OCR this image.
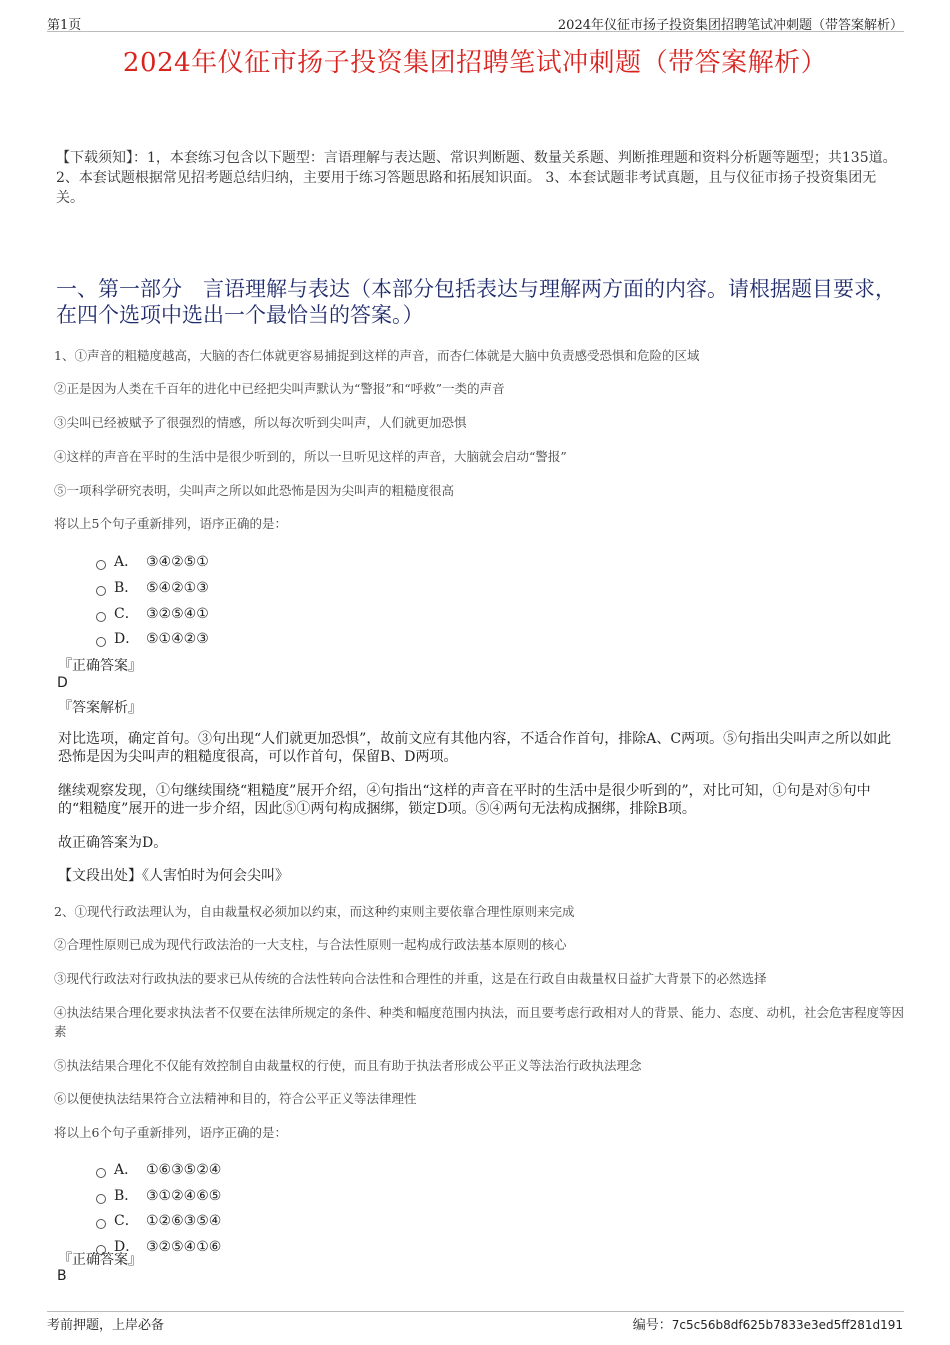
第1页	2024年仪征市扬子投资集团招聘笔试冲刺题（带答案解析）
2024年仪征市扬子投资集团招聘笔试冲刺题（带答案解析）
【下载须知】：1，本套练习包含以下题型：言语理解与表达题、常识判断题、数量关系题、判断推理题和资料分析题等题型；共135道。 2、本套试题根据常见招考题总结归纳，主要用于练习答题思路和拓展知识面。 3、本套试题非考试真题，且与仪征市扬子投资集团无关。
一、第一部分　言语理解与表达（本部分包括表达与理解两方面的内容。请根据题目要求，在四个选项中选出一个最恰当的答案。）
1、①声音的粗糙度越高，大脑的杏仁体就更容易捕捉到这样的声音，而杏仁体就是大脑中负责感受恐惧和危险的区域
②正是因为人类在千百年的进化中已经把尖叫声默认为“警报”和“呼救”一类的声音
③尖叫已经被赋予了很强烈的情感，所以每次听到尖叫声，人们就更加恐惧
④这样的声音在平时的生活中是很少听到的，所以一旦听见这样的声音，大脑就会启动“警报”
⑤一项科学研究表明，尖叫声之所以如此恐怖是因为尖叫声的粗糙度很高
将以上5个句子重新排列，语序正确的是：
A． ③④②⑤①
B． ⑤④②①③
C． ③②⑤④①
D． ⑤①④②③
『正确答案』
D
『答案解析』
对比选项，确定首句。③句出现“人们就更加恐惧”，故前文应有其他内容，不适合作首句，排除A、C两项。⑤句指出尖叫声之所以如此恐怖是因为尖叫声的粗糙度很高，可以作首句，保留B、D两项。
继续观察发现，①句继续围绕“粗糙度”展开介绍，④句指出“这样的声音在平时的生活中是很少听到的”，对比可知，①句是对⑤句中的“粗糙度”展开的进一步介绍，因此⑤①两句构成捆绑，锁定D项。⑤④两句无法构成捆绑，排除B项。
故正确答案为D。
【文段出处】《人害怕时为何会尖叫》
2、①现代行政法理认为，自由裁量权必须加以约束，而这种约束则主要依靠合理性原则来完成
②合理性原则已成为现代行政法治的一大支柱，与合法性原则一起构成行政法基本原则的核心
③现代行政法对行政执法的要求已从传统的合法性转向合法性和合理性的并重，这是在行政自由裁量权日益扩大背景下的必然选择
④执法结果合理化要求执法者不仅要在法律所规定的条件、种类和幅度范围内执法，而且要考虑行政相对人的背景、能力、态度、动机，社会危害程度等因素
⑤执法结果合理化不仅能有效控制自由裁量权的行使，而且有助于执法者形成公平正义等法治行政执法理念
⑥以便使执法结果符合立法精神和目的，符合公平正义等法律理性
将以上6个句子重新排列，语序正确的是：
A． ①⑥③⑤②④
B． ③①②④⑥⑤
C． ①②⑥③⑤④
D． ③②⑤④①⑥
『正确答案』
B
考前押题，上岸必备	编号：7c5c56b8df625b7833e3ed5ff281d191
